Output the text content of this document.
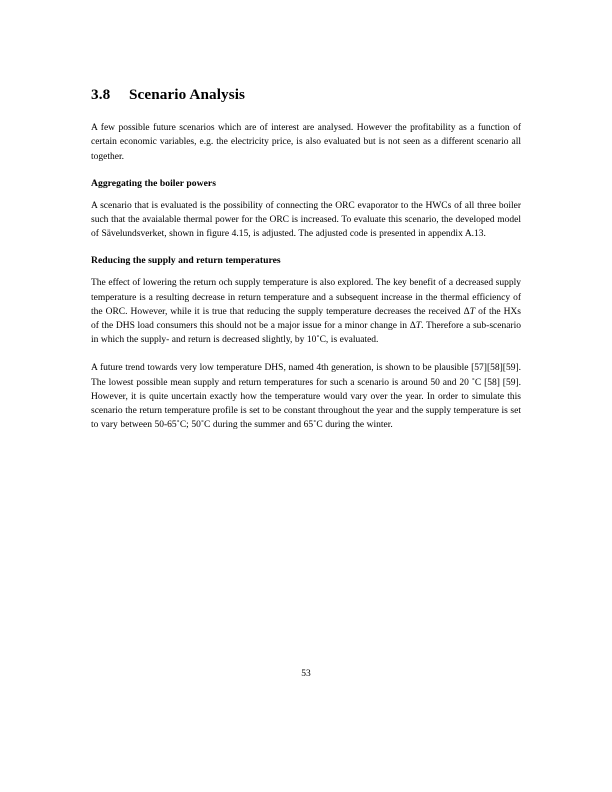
3.8 Scenario Analysis

A few possible future scenarios which are of interest are analysed. However the profitability as a function of certain economic variables, e.g. the electricity price, is also evaluated but is not seen as a different scenario all together.

Aggregating the boiler powers

A scenario that is evaluated is the possibility of connecting the ORC evaporator to the HWCs of all three boiler such that the avaialable thermal power for the ORC is increased. To evaluate this scenario, the developed model of Sävelundsverket, shown in figure 4.15, is adjusted. The adjusted code is presented in appendix A.13.

Reducing the supply and return temperatures

The effect of lowering the return och supply temperature is also explored. The key benefit of a decreased supply temperature is a resulting decrease in return temperature and a subsequent increase in the thermal efficiency of the ORC. However, while it is true that reducing the supply temperature decreases the received ΔT of the HXs of the DHS load consumers this should not be a major issue for a minor change in ΔT. Therefore a sub-scenario in which the supply- and return is decreased slightly, by 10˚C, is evaluated.

A future trend towards very low temperature DHS, named 4th generation, is shown to be plausible [57][58][59]. The lowest possible mean supply and return temperatures for such a scenario is around 50 and 20 ˚C [58] [59]. However, it is quite uncertain exactly how the temperature would vary over the year. In order to simulate this scenario the return temperature profile is set to be constant throughout the year and the supply temperature is set to vary between 50-65˚C; 50˚C during the summer and 65˚C during the winter.

53
